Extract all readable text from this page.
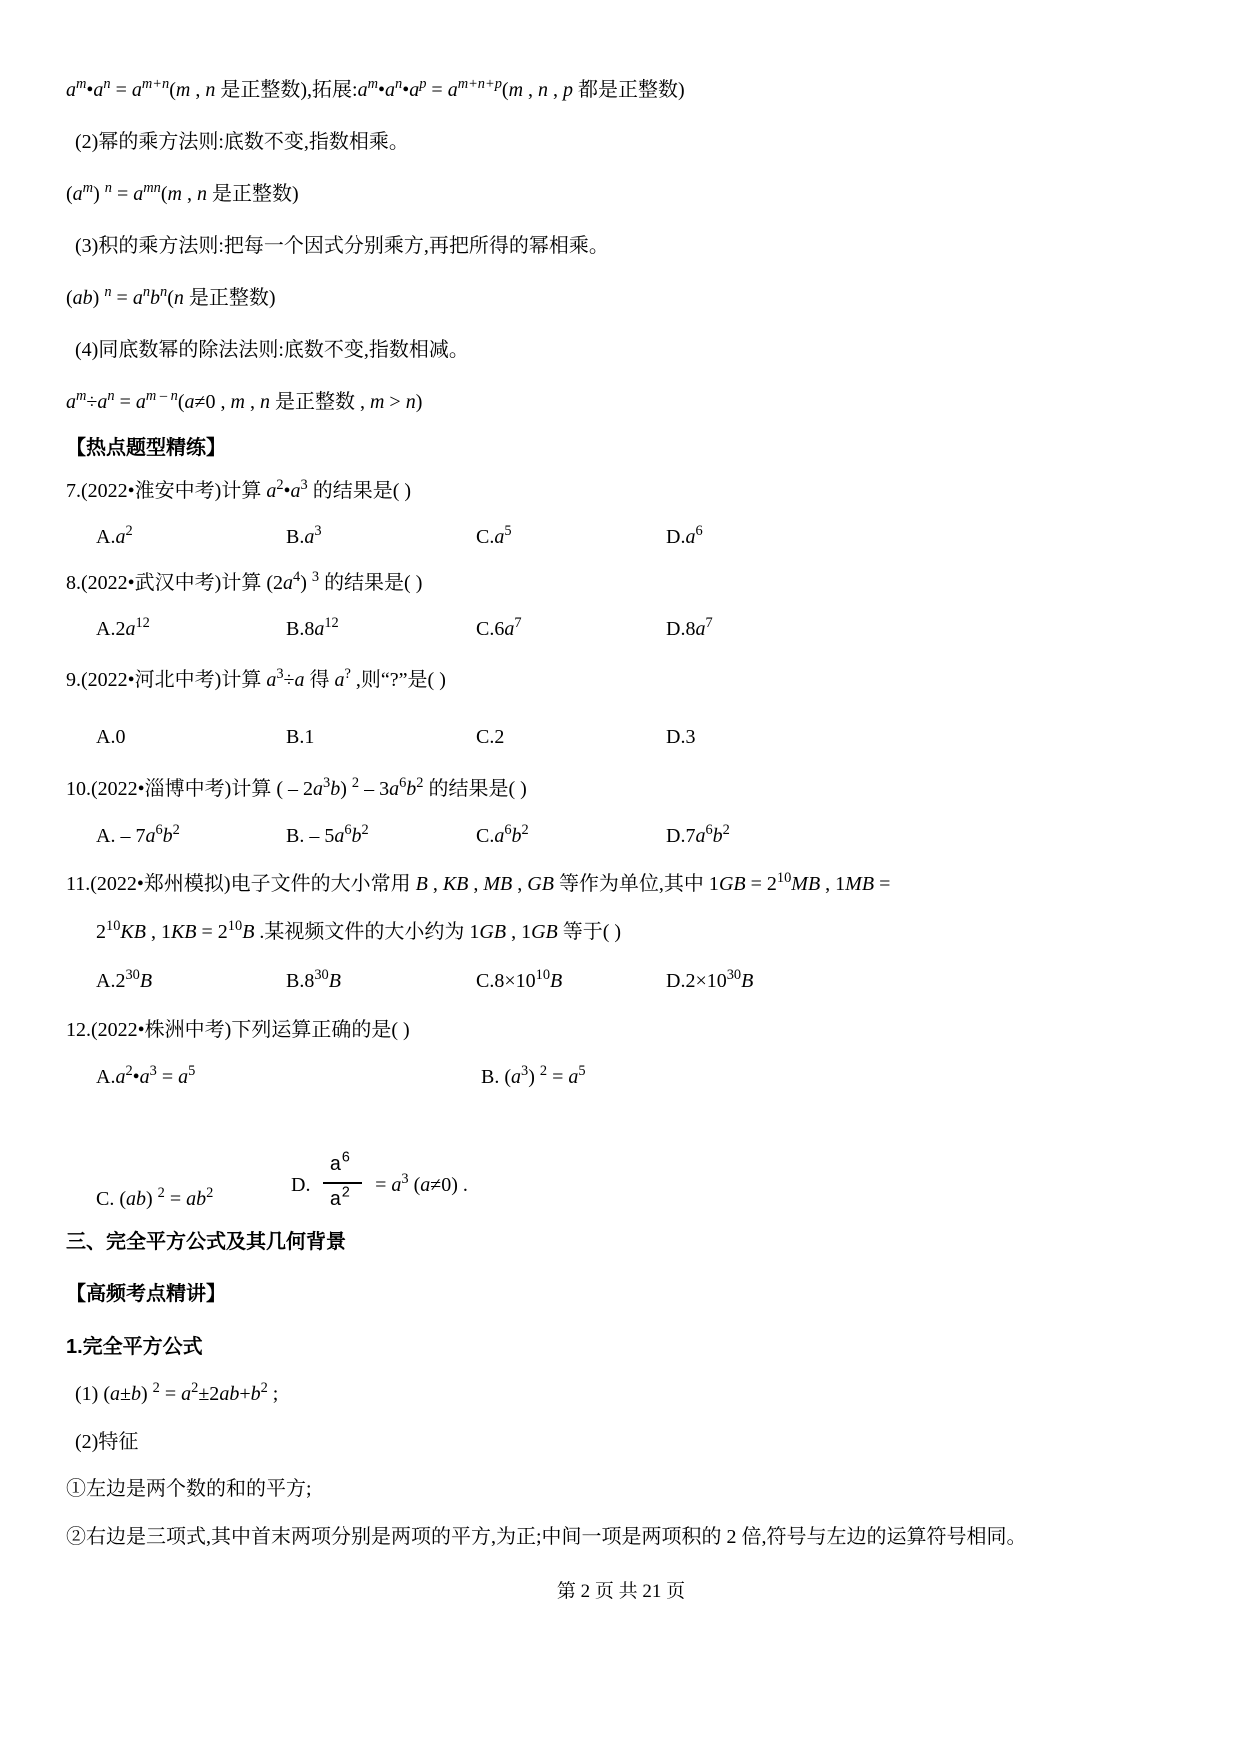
$a^m•a^n = a^{m+n}(m$ , n 是正整数),拓展$:a^m•a^n•a^p = a^{m+n+p}(m$ , n , p 都是正整数)

(2)幂的乘方法则:底数不变,指数相乘。

$(a^m) ^n = a^{mn}(m$ , n 是正整数)

(3)积的乘方法则:把每一个因式分别乘方,再把所得的幂相乘。

(ab) $^n = a^nb^n(n$ 是正整数)

(4)同底数幂的除法法则:底数不变,指数相减。

$a^m\div a^n = a^{m - n}(a\ne 0$ , m , n 是正整数 , m > n)

【热点题型精练】

7.(2022•淮安中考)计算 $a^2•a^3$ 的结果是( )

$A.a^2$	$B.a^3$	$C.a^5$	$D.a^6$

8.(2022•武汉中考)计算 $(2a^4)$ $^3$ 的结果是( )

$A.2a^{12}$	$B.8a^{12}$	$C.6a^7$	$D.8a^7$

9.(2022•河北中考)计算 $a^3\div a$ 得 a? ,则“?”是( )

A.0	B.1	C.2	D.3

10.(2022•淄博中考)计算 ( – $2a^3b$) $^2 - 3a^6b^2$ 的结果是( )

A. – $7a^6b^2$	B. – $5a^6b^2$	$C.a^6b^2$	$D.7a^6b^2$

11.(2022•郑州模拟)电子文件的大小常用 B , KB , MB , GB 等作为单位,其中 $1GB = 2^{10}MB$ , 1MB =

$2^{10}KB$ , $1KB = 2^{10}B$ .某视频文件的大小约为 1GB , 1GB 等于( )

$A.2^{30}B$	$B.8^{30}B$	$C.8\times 10^{10}B$	$D.2\times 10^{30}B$

12.(2022•株洲中考)下列运算正确的是( )

$A.a^2•a^3 = a^5$	B. $(a^3) ^2 = a^5$
C. (ab) $^2 = ab^2$	D. $\frac{a^6}{a^2} = a^3$ (a≠0) .

三、完全平方公式及其几何背景

【高频考点精讲】

1.完全平方公式

(1) (a±b) $^2 = a^2\pm 2ab+b^2$ ;

(2)特征

①左边是两个数的和的平方;

②右边是三项式,其中首末两项分别是两项的平方,为正;中间一项是两项积的 2 倍,符号与左边的运算符号相同。

第 2 页 共 21 页
